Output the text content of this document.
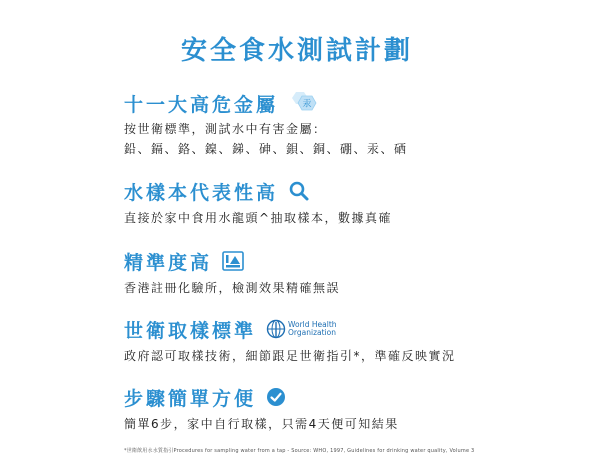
安全食水測試計劃
十一大高危金屬	汞
按世衛標準，測試水中有害金屬：
鉛、鎘、鉻、鎳、銻、砷、鋇、銅、硼、汞、硒
水樣本代表性高
直接於家中食用水龍頭^抽取樣本，數據真確
精準度高
香港註冊化驗所，檢測效果精確無誤
世衛取樣標準	World Health
Organization
政府認可取樣技術，細節跟足世衛指引*，準確反映實況
步驟簡單方便
簡單6步，家中自行取樣，只需4天便可知結果
*世衛飲用水水質指引Procedures for sampling water from a tap - Source: WHO, 1997, Guidelines for drinking water quality, Volume 3
